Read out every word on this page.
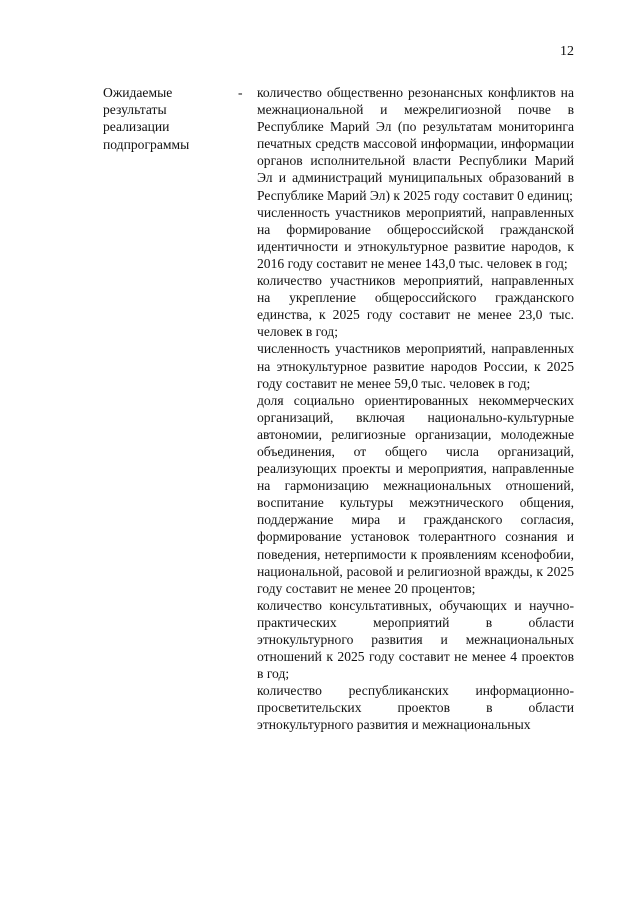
12
Ожидаемые
результаты
реализации
подпрограммы
- количество общественно резонансных конфликтов на межнациональной и межрелигиозной почве в Республике Марий Эл (по результатам мониторинга печатных средств массовой информации, информации органов исполнительной власти Республики Марий Эл и администраций муниципальных образований в Республике Марий Эл) к 2025 году составит 0 единиц;

численность участников мероприятий, направленных на формирование общероссийской гражданской идентичности и этнокультурное развитие народов, к 2016 году составит не менее 143,0 тыс. человек в год;

количество участников мероприятий, направленных на укрепление общероссийского гражданского единства, к 2025 году составит не менее 23,0 тыс. человек в год;

численность участников мероприятий, направленных на этнокультурное развитие народов России, к 2025 году составит не менее 59,0 тыс. человек в год;

доля социально ориентированных некоммерческих организаций, включая национально-культурные автономии, религиозные организации, молодежные объединения, от общего числа организаций, реализующих проекты и мероприятия, направленные на гармонизацию межнациональных отношений, воспитание культуры межэтнического общения, поддержание мира и гражданского согласия, формирование установок толерантного сознания и поведения, нетерпимости к проявлениям ксенофобии, национальной, расовой и религиозной вражды, к 2025 году составит не менее 20 процентов;

количество консультативных, обучающих и научно-практических мероприятий в области этнокультурного развития и межнациональных отношений к 2025 году составит не менее 4 проектов в год;

количество республиканских информационно-просветительских проектов в области этнокультурного развития и межнациональных
